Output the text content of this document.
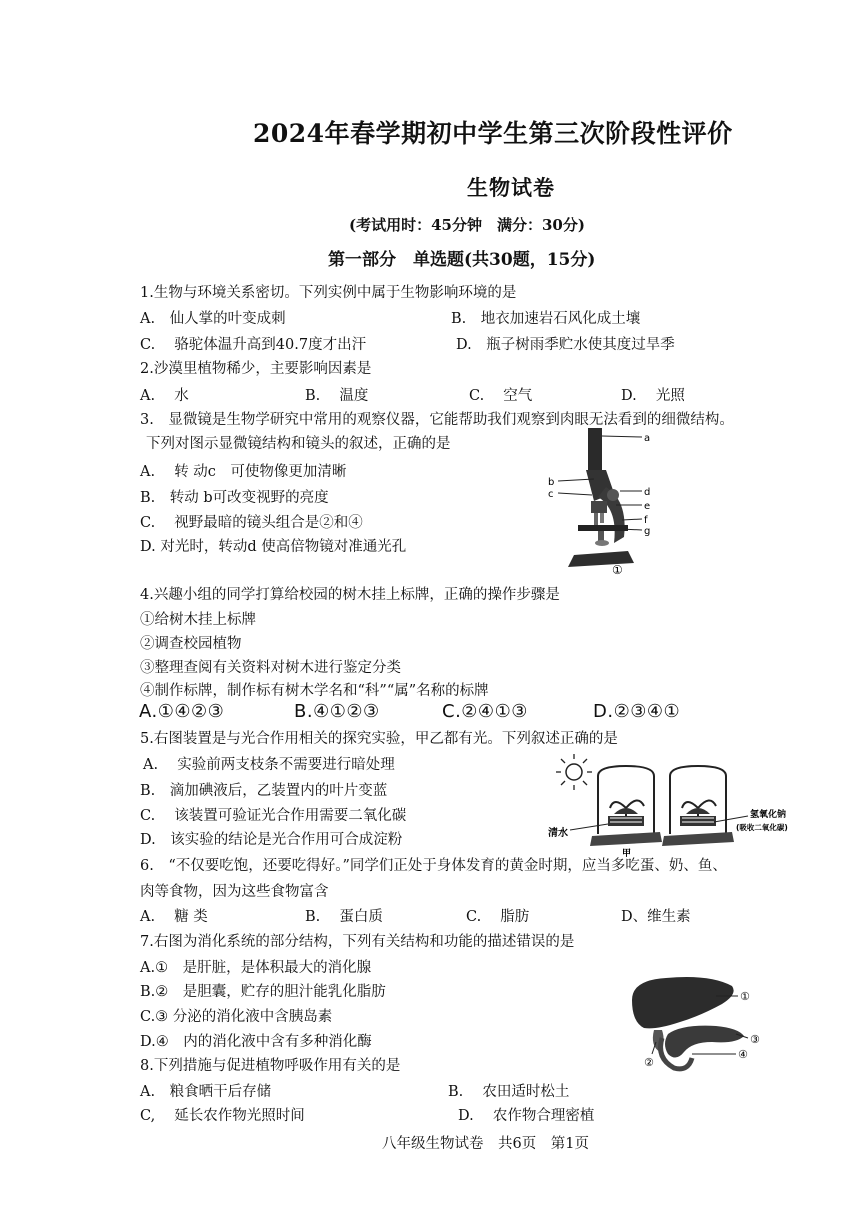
2024年春学期初中学生第三次阶段性评价
生物试卷
(考试用时：45分钟　满分：30分)
第一部分　单选题(共30题，15分)
1.生物与环境关系密切。下列实例中属于生物影响环境的是
A.　仙人掌的叶变成刺	B.　地衣加速岩石风化成土壤
C.　 骆驼体温升高到40.7度才出汗	D.　瓶子树雨季贮水使其度过旱季
2.沙漠里植物稀少，主要影响因素是
A.　 水	B.　 温度	C.　 空气	D.　 光照
3.　显微镜是生物学研究中常用的观察仪器，它能帮助我们观察到肉眼无法看到的细微结构。
下列对图示显微镜结构和镜头的叙述，正确的是
A.　 转 动c　可使物像更加清晰
B.　转动 b可改变视野的亮度
C.　 视野最暗的镜头组合是②和④
D. 对光时，转动d 使高倍物镜对准通光孔
a
b
c	d
e
f
g
①
4.兴趣小组的同学打算给校园的树木挂上标牌，正确的操作步骤是
①给树木挂上标牌
②调查校园植物
③整理查阅有关资料对树木进行鉴定分类
④制作标牌，制作标有树木学名和“科”“属”名称的标牌
A.①④②③	B.④①②③	C.②④①③	D.②③④①
5.右图装置是与光合作用相关的探究实验，甲乙都有光。下列叙述正确的是
A.　 实验前两支枝条不需要进行暗处理
B.　滴加碘液后，乙装置内的叶片变蓝
C.　 该装置可验证光合作用需要二氧化碳
D.　该实验的结论是光合作用可合成淀粉	清水
甲
氢氧化钠
(吸收二氧化碳)
6.　“不仅要吃饱，还要吃得好。”同学们正处于身体发育的黄金时期，应当多吃蛋、奶、鱼、
肉等食物，因为这些食物富含
A.　 糖 类	B.　 蛋白质	C.　 脂肪	D、维生素
7.右图为消化系统的部分结构，下列有关结构和功能的描述错误的是
A.①　是肝脏，是体积最大的消化腺
B.②　是胆囊，贮存的胆汁能乳化脂肪
C.③ 分泌的消化液中含胰岛素
D.④　内的消化液中含有多种消化酶
①
②
③
④
8.下列措施与促进植物呼吸作用有关的是
A.　粮食晒干后存储	B.　 农田适时松土
C,　 延长农作物光照时间	D.　 农作物合理密植
八年级生物试卷　共6页　第1页
